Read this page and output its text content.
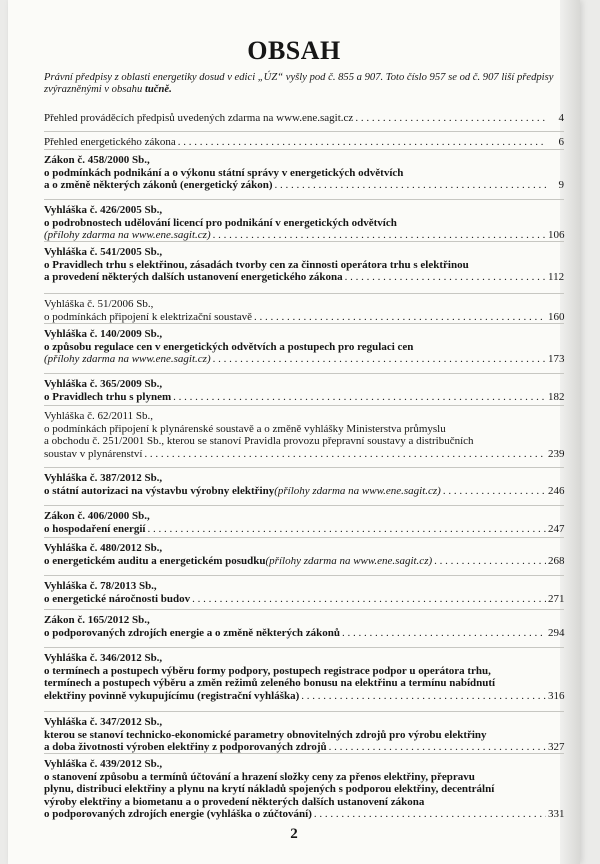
OBSAH
Právní předpisy z oblasti energetiky dosud v edici „ÚZ“ vyšly pod č. 855 a 907. Toto číslo 957 se od č. 907 liší předpisy zvýrazněnými v obsahu tučně.
Přehled prováděcích předpisů uvedených zdarma na www.ene.sagit.cz . . .	4
Přehled energetického zákona . . .	6
Zákon č. 458/2000 Sb.,
o podmínkách podnikání a o výkonu státní správy v energetických odvětvích
a o změně některých zákonů (energetický zákon) . . .	9
Vyhláška č. 426/2005 Sb.,
o podrobnostech udělování licencí pro podnikání v energetických odvětvích
(přílohy zdarma na www.ene.sagit.cz) . . .	106
Vyhláška č. 541/2005 Sb.,
o Pravidlech trhu s elektřinou, zásadách tvorby cen za činnosti operátora trhu s elektřinou
a provedení některých dalších ustanovení energetického zákona . . .	112
Vyhláška č. 51/2006 Sb.,
o podmínkách připojení k elektrizační soustavě . . .	160
Vyhláška č. 140/2009 Sb.,
o způsobu regulace cen v energetických odvětvích a postupech pro regulaci cen
(přílohy zdarma na www.ene.sagit.cz) . . .	173
Vyhláška č. 365/2009 Sb.,
o Pravidlech trhu s plynem . . .	182
Vyhláška č. 62/2011 Sb.,
o podmínkách připojení k plynárenské soustavě a o změně vyhlášky Ministerstva průmyslu
a obchodu č. 251/2001 Sb., kterou se stanoví Pravidla provozu přepravní soustavy a distribučních
soustav v plynárenství . . .	239
Vyhláška č. 387/2012 Sb.,
o státní autorizaci na výstavbu výrobny elektřiny (přílohy zdarma na www.ene.sagit.cz) . . .	246
Zákon č. 406/2000 Sb.,
o hospodaření energií . . .	247
Vyhláška č. 480/2012 Sb.,
o energetickém auditu a energetickém posudku (přílohy zdarma na www.ene.sagit.cz) . . .	268
Vyhláška č. 78/2013 Sb.,
o energetické náročnosti budov . . .	271
Zákon č. 165/2012 Sb.,
o podporovaných zdrojích energie a o změně některých zákonů . . .	294
Vyhláška č. 346/2012 Sb.,
o termínech a postupech výběru formy podpory, postupech registrace podpor u operátora trhu,
termínech a postupech výběru a změn režimů zeleného bonusu na elektřinu a termínu nabídnutí
elektřiny povinně vykupujícímu (registrační vyhláška) . . .	316
Vyhláška č. 347/2012 Sb.,
kterou se stanoví technicko-ekonomické parametry obnovitelných zdrojů pro výrobu elektřiny
a doba životnosti výroben elektřiny z podporovaných zdrojů . . .	327
Vyhláška č. 439/2012 Sb.,
o stanovení způsobu a termínů účtování a hrazení složky ceny za přenos elektřiny, přepravu
plynu, distribuci elektřiny a plynu na krytí nákladů spojených s podporou elektřiny, decentrální
výroby elektřiny a biometanu a o provedení některých dalších ustanovení zákona
o podporovaných zdrojích energie (vyhláška o zúčtování) . . .	331
2
